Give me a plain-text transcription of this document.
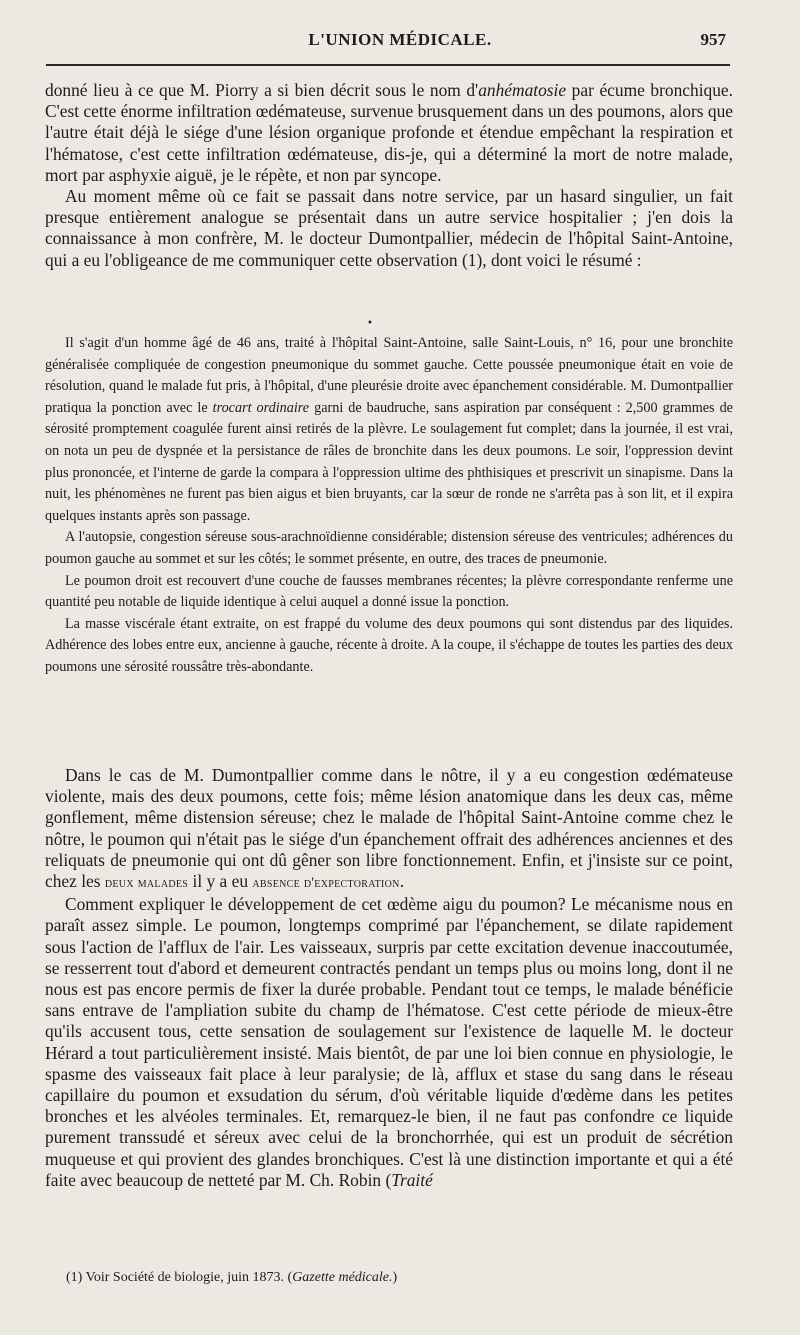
L'UNION MÉDICALE.	957

donné lieu à ce que M. Piorry a si bien décrit sous le nom d'anhématosie par écume bronchique. C'est cette énorme infiltration œdémateuse, survenue brusquement dans un des poumons, alors que l'autre était déjà le siége d'une lésion organique profonde et étendue empêchant la respiration et l'hématose, c'est cette infiltration œdémateuse, dis-je, qui a déterminé la mort de notre malade, mort par asphyxie aiguë, je le répète, et non par syncope.

Au moment même où ce fait se passait dans notre service, par un hasard singulier, un fait presque entièrement analogue se présentait dans un autre service hospitalier ; j'en dois la connaissance à mon confrère, M. le docteur Dumontpallier, médecin de l'hôpital Saint-Antoine, qui a eu l'obligeance de me communiquer cette observation (1), dont voici le résumé :

•

Il s'agit d'un homme âgé de 46 ans, traité à l'hôpital Saint-Antoine, salle Saint-Louis, n° 16, pour une bronchite généralisée compliquée de congestion pneumonique du sommet gauche. Cette poussée pneumonique était en voie de résolution, quand le malade fut pris, à l'hôpital, d'une pleurésie droite avec épanchement considérable. M. Dumontpallier pratiqua la ponction avec le trocart ordinaire garni de baudruche, sans aspiration par conséquent : 2,500 grammes de sérosité promptement coagulée furent ainsi retirés de la plèvre. Le soulagement fut complet; dans la journée, il est vrai, on nota un peu de dyspnée et la persistance de râles de bronchite dans les deux poumons. Le soir, l'oppression devint plus prononcée, et l'interne de garde la compara à l'oppression ultime des phthisiques et prescrivit un sinapisme. Dans la nuit, les phénomènes ne furent pas bien aigus et bien bruyants, car la sœur de ronde ne s'arrêta pas à son lit, et il expira quelques instants après son passage.

A l'autopsie, congestion séreuse sous-arachnoïdienne considérable; distension séreuse des ventricules; adhérences du poumon gauche au sommet et sur les côtés; le sommet présente, en outre, des traces de pneumonie.

Le poumon droit est recouvert d'une couche de fausses membranes récentes; la plèvre correspondante renferme une quantité peu notable de liquide identique à celui auquel a donné issue la ponction.

La masse viscérale étant extraite, on est frappé du volume des deux poumons qui sont distendus par des liquides. Adhérence des lobes entre eux, ancienne à gauche, récente à droite. A la coupe, il s'échappe de toutes les parties des deux poumons une sérosité roussâtre très-abondante.

Dans le cas de M. Dumontpallier comme dans le nôtre, il y a eu congestion œdémateuse violente, mais des deux poumons, cette fois; même lésion anatomique dans les deux cas, même gonflement, même distension séreuse; chez le malade de l'hôpital Saint-Antoine comme chez le nôtre, le poumon qui n'était pas le siége d'un épanchement offrait des adhérences anciennes et des reliquats de pneumonie qui ont dû gêner son libre fonctionnement. Enfin, et j'insiste sur ce point, chez les deux malades il y a eu absence d'expectoration.

Comment expliquer le développement de cet œdème aigu du poumon? Le mécanisme nous en paraît assez simple. Le poumon, longtemps comprimé par l'épanchement, se dilate rapidement sous l'action de l'afflux de l'air. Les vaisseaux, surpris par cette excitation devenue inaccoutumée, se resserrent tout d'abord et demeurent contractés pendant un temps plus ou moins long, dont il ne nous est pas encore permis de fixer la durée probable. Pendant tout ce temps, le malade bénéficie sans entrave de l'ampliation subite du champ de l'hématose. C'est cette période de mieux-être qu'ils accusent tous, cette sensation de soulagement sur l'existence de laquelle M. le docteur Hérard a tout particulièrement insisté. Mais bientôt, de par une loi bien connue en physiologie, le spasme des vaisseaux fait place à leur paralysie; de là, afflux et stase du sang dans le réseau capillaire du poumon et exsudation du sérum, d'où véritable liquide d'œdème dans les petites bronches et les alvéoles terminales. Et, remarquez-le bien, il ne faut pas confondre ce liquide purement transsudé et séreux avec celui de la bronchorrhée, qui est un produit de sécrétion muqueuse et qui provient des glandes bronchiques. C'est là une distinction importante et qui a été faite avec beaucoup de netteté par M. Ch. Robin (Traité

(1) Voir Société de biologie, juin 1873. (Gazette médicale.)
